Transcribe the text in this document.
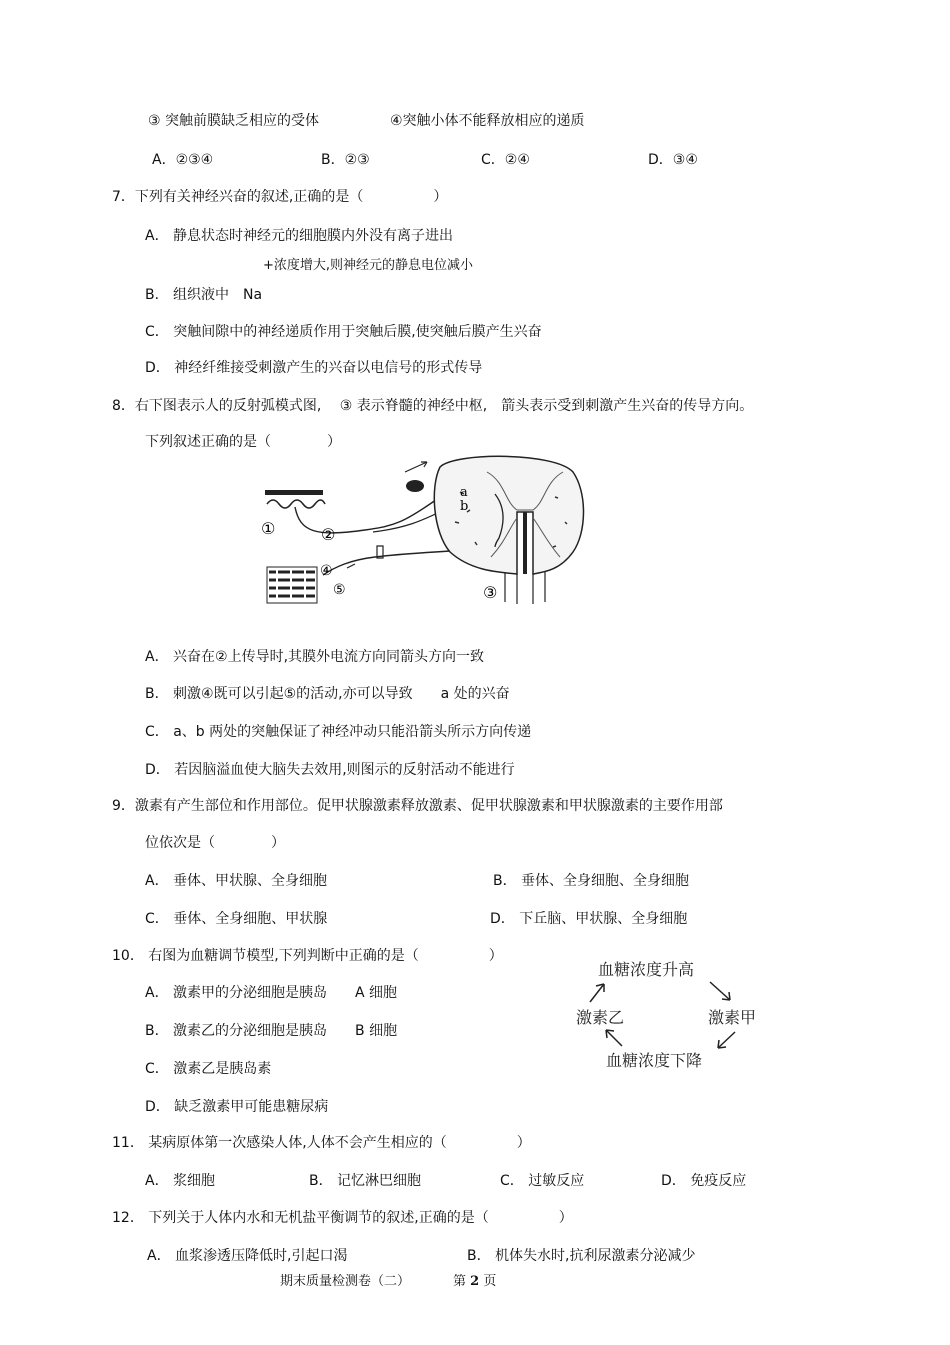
③ 突触前膜缺乏相应的受体	④突触小体不能释放相应的递质
A．②③④	B．②③	C．②④	D．③④
7．下列有关神经兴奋的叙述,正确的是（　　　　　）
A． 静息状态时神经元的细胞膜内外没有离子进出
+浓度增大,则神经元的静息电位减小
B． 组织液中　Na
C． 突触间隙中的神经递质作用于突触后膜,使突触后膜产生兴奋
D． 神经纤维接受刺激产生的兴奋以电信号的形式传导
8．右下图表示人的反射弧模式图,　 ③ 表示脊髓的神经中枢,　箭头表示受到刺激产生兴奋的传导方向。
下列叙述正确的是（　　　　）
①	②
③
④
⑤
a
b
A． 兴奋在②上传导时,其膜外电流方向同箭头方向一致
B． 刺激④既可以引起⑤的活动,亦可以导致　　a 处的兴奋
C． a、b 两处的突触保证了神经冲动只能沿箭头所示方向传递
D． 若因脑溢血使大脑失去效用,则图示的反射活动不能进行
9．激素有产生部位和作用部位。促甲状腺激素释放激素、促甲状腺激素和甲状腺激素的主要作用部
位依次是（　　　　）
A． 垂体、甲状腺、全身细胞	B． 垂体、全身细胞、全身细胞
C． 垂体、全身细胞、甲状腺	D． 下丘脑、甲状腺、全身细胞
10． 右图为血糖调节模型,下列判断中正确的是（　　　　　）
A． 激素甲的分泌细胞是胰岛　　A 细胞
B． 激素乙的分泌细胞是胰岛　　B 细胞
C． 激素乙是胰岛素
D． 缺乏激素甲可能患糖尿病
血糖浓度升高
激素甲
血糖浓度下降
激素乙
11． 某病原体第一次感染人体,人体不会产生相应的（　　　　　）
A． 浆细胞	B． 记忆淋巴细胞	C． 过敏反应	D． 免疫反应
12． 下列关于人体内水和无机盐平衡调节的叙述,正确的是（　　　　　）
A． 血浆渗透压降低时,引起口渴	B． 机体失水时,抗利尿激素分泌减少
期末质量检测卷（二）	第 2 页
